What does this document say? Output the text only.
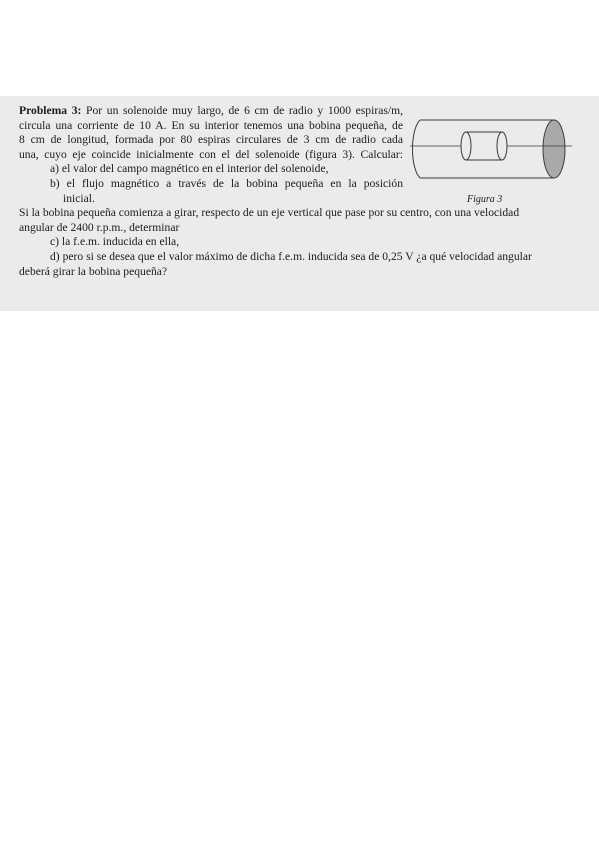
Problema 3: Por un solenoide muy largo, de 6 cm de radio y 1000 espiras/m,
circula una corriente de 10 A. En su interior tenemos una bobina pequeña, de
8 cm de longitud, formada por 80 espiras circulares de 3 cm de radio cada
una, cuyo eje coincide inicialmente con el del solenoide (figura 3). Calcular:
a) el valor del campo magnético en el interior del solenoide,
b) el flujo magnético a través de la bobina pequeña en la posición
inicial.
Si la bobina pequeña comienza a girar, respecto de un eje vertical que pase por su centro, con una velocidad
angular de 2400 r.p.m., determinar
c) la f.e.m. inducida en ella,
d) pero si se desea que el valor máximo de dicha f.e.m. inducida sea de 0,25 V ¿a qué velocidad angular
deberá girar la bobina pequeña?
Figura 3
